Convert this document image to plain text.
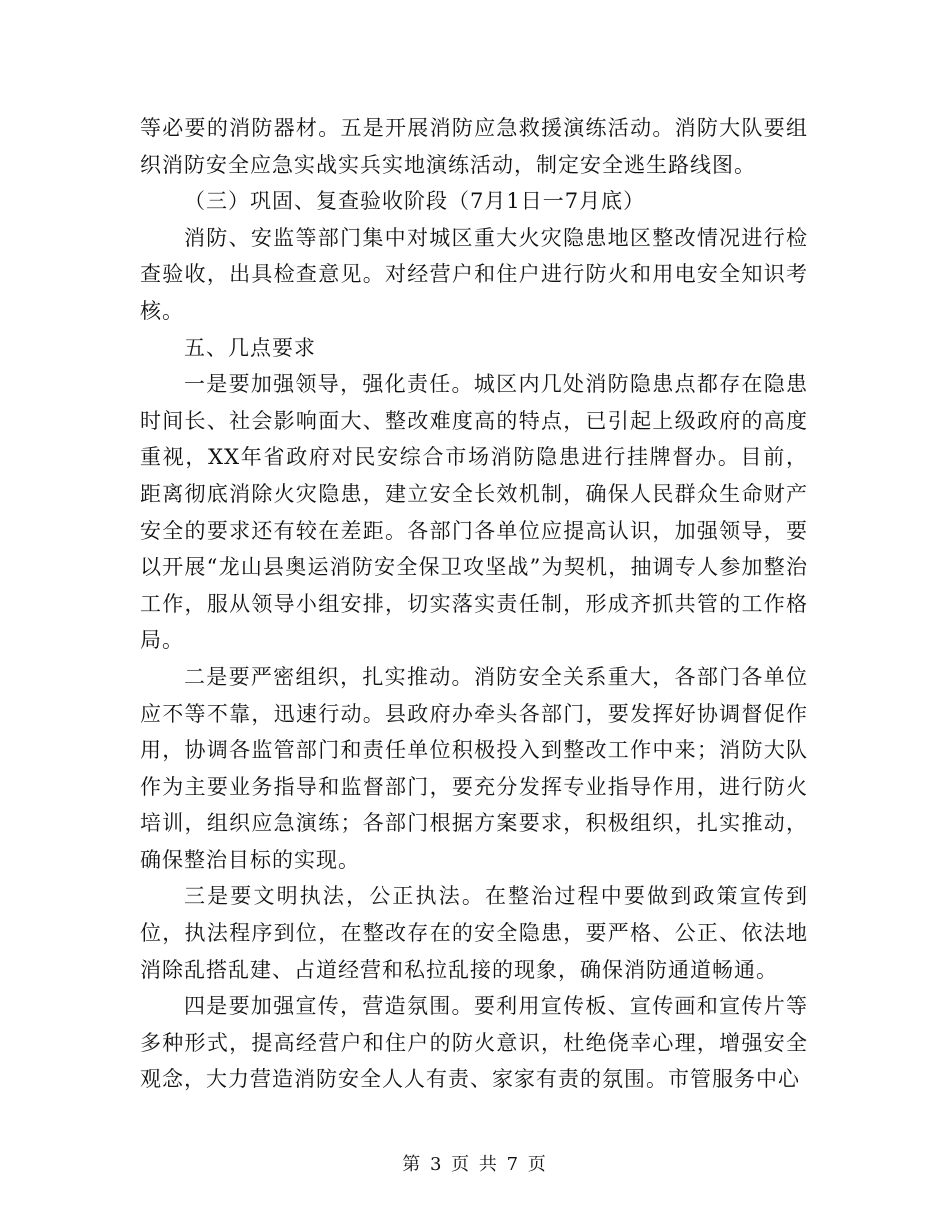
等必要的消防器材。五是开展消防应急救援演练活动。消防大队要组织消防安全应急实战实兵实地演练活动，制定安全逃生路线图。

（三）巩固、复查验收阶段（7月1日一7月底）

消防、安监等部门集中对城区重大火灾隐患地区整改情况进行检查验收，出具检查意见。对经营户和住户进行防火和用电安全知识考核。

五、几点要求

一是要加强领导，强化责任。城区内几处消防隐患点都存在隐患时间长、社会影响面大、整改难度高的特点，已引起上级政府的高度重视，XX年省政府对民安综合市场消防隐患进行挂牌督办。目前，距离彻底消除火灾隐患，建立安全长效机制，确保人民群众生命财产安全的要求还有较在差距。各部门各单位应提高认识，加强领导，要以开展“龙山县奥运消防安全保卫攻坚战”为契机，抽调专人参加整治工作，服从领导小组安排，切实落实责任制，形成齐抓共管的工作格局。

二是要严密组织，扎实推动。消防安全关系重大，各部门各单位应不等不靠，迅速行动。县政府办牵头各部门，要发挥好协调督促作用，协调各监管部门和责任单位积极投入到整改工作中来；消防大队作为主要业务指导和监督部门，要充分发挥专业指导作用，进行防火培训，组织应急演练；各部门根据方案要求，积极组织，扎实推动，确保整治目标的实现。

三是要文明执法，公正执法。在整治过程中要做到政策宣传到位，执法程序到位，在整改存在的安全隐患，要严格、公正、依法地消除乱搭乱建、占道经营和私拉乱接的现象，确保消防通道畅通。

四是要加强宣传，营造氛围。要利用宣传板、宣传画和宣传片等多种形式，提高经营户和住户的防火意识，杜绝侥幸心理，增强安全观念，大力营造消防安全人人有责、家家有责的氛围。市管服务中心

第 3 页 共 7 页
